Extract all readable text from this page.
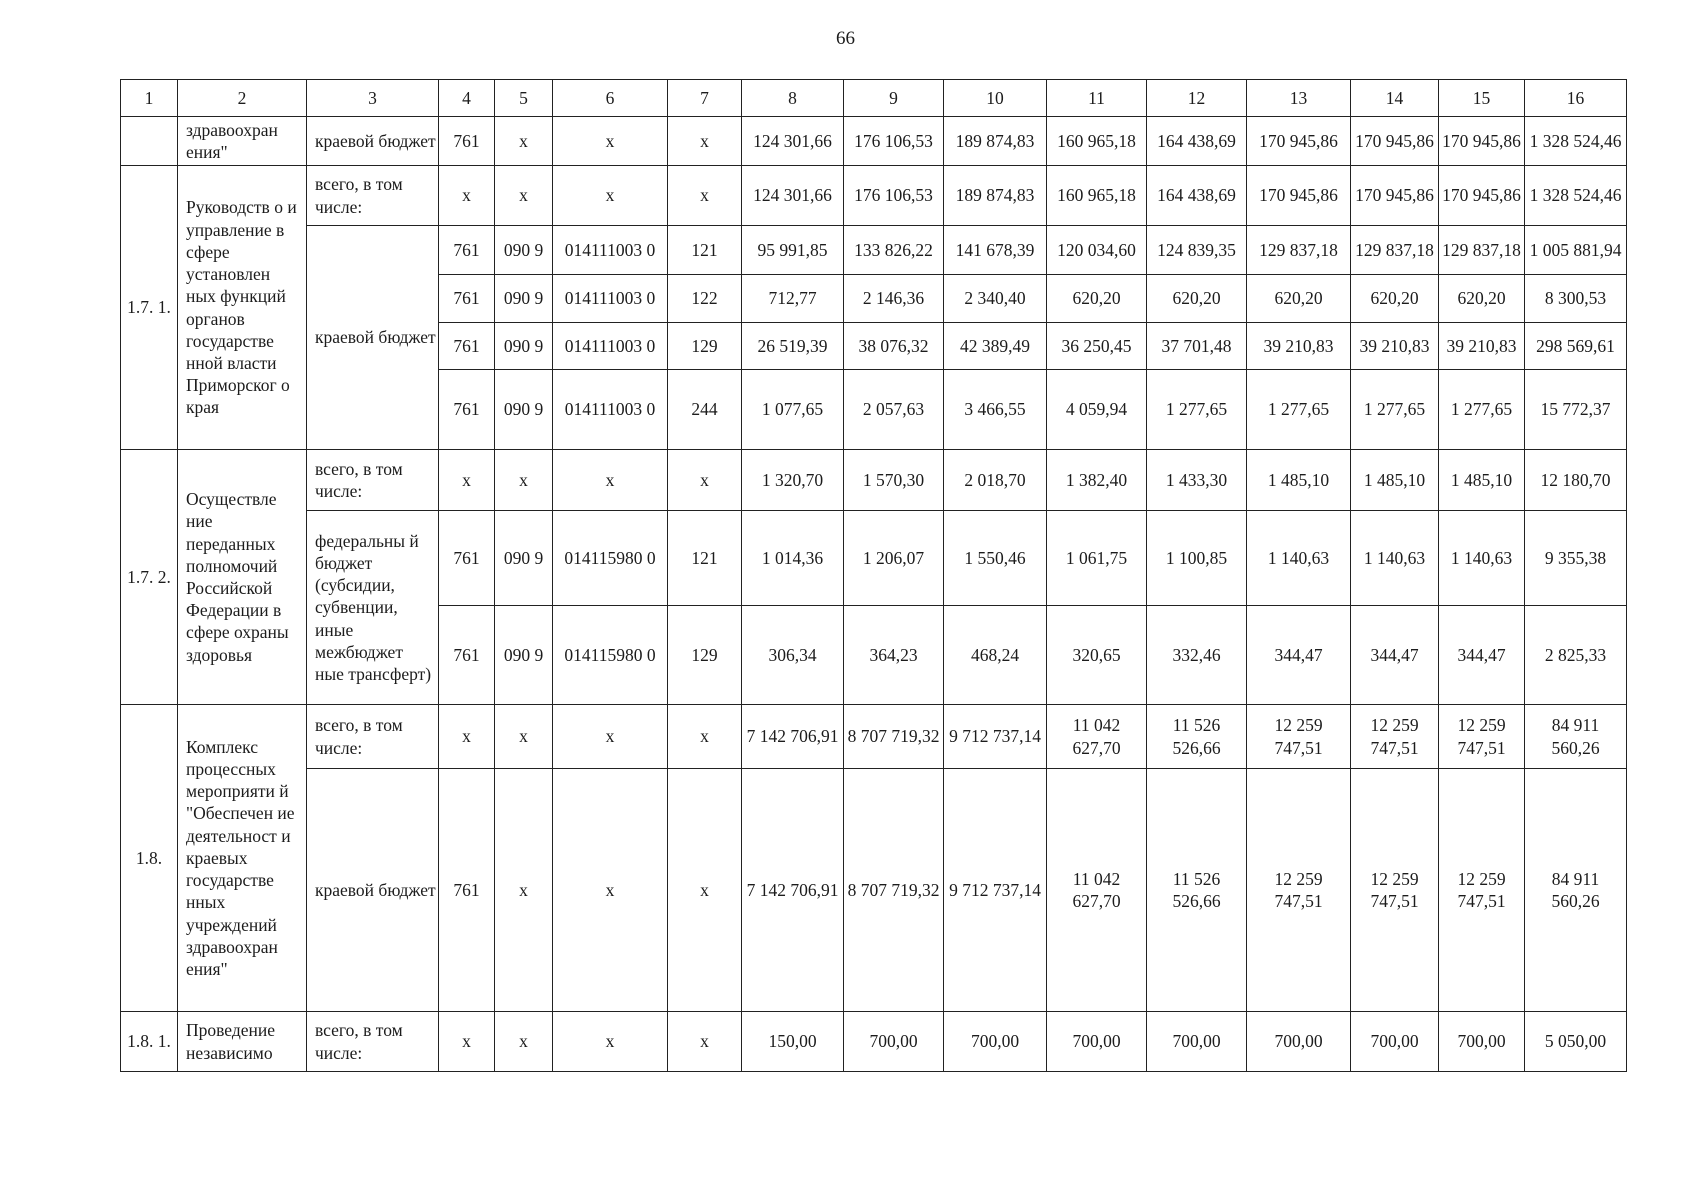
66
1	2	3	4	5	6	7	8	9	10	11	12	13	14	15	16
	здравоохран ения"	краевой бюджет	761	х	х	х	124 301,66	176 106,53	189 874,83	160 965,18	164 438,69	170 945,86	170 945,86	170 945,86	1 328 524,46
1.7. 1.	Руководств о и управление в сфере установлен ных функций органов государстве нной власти Приморског о края	всего, в том числе:	х	х	х	х	124 301,66	176 106,53	189 874,83	160 965,18	164 438,69	170 945,86	170 945,86	170 945,86	1 328 524,46
		краевой бюджет	761	090 9	014111003 0	121	95 991,85	133 826,22	141 678,39	120 034,60	124 839,35	129 837,18	129 837,18	129 837,18	1 005 881,94
			761	090 9	014111003 0	122	712,77	2 146,36	2 340,40	620,20	620,20	620,20	620,20	620,20	8 300,53
			761	090 9	014111003 0	129	26 519,39	38 076,32	42 389,49	36 250,45	37 701,48	39 210,83	39 210,83	39 210,83	298 569,61
			761	090 9	014111003 0	244	1 077,65	2 057,63	3 466,55	4 059,94	1 277,65	1 277,65	1 277,65	1 277,65	15 772,37
1.7. 2.	Осуществле ние переданных полномочий Российской Федерации в сфере охраны здоровья	всего, в том числе:	х	х	х	х	1 320,70	1 570,30	2 018,70	1 382,40	1 433,30	1 485,10	1 485,10	1 485,10	12 180,70
		федеральны й бюджет (субсидии, субвенции, иные межбюджет ные трансферт)	761	090 9	014115980 0	121	1 014,36	1 206,07	1 550,46	1 061,75	1 100,85	1 140,63	1 140,63	1 140,63	9 355,38
			761	090 9	014115980 0	129	306,34	364,23	468,24	320,65	332,46	344,47	344,47	344,47	2 825,33
1.8.	Комплекс процессных мероприяти й "Обеспечен ие деятельност и краевых государстве нных учреждений здравоохран ения"	всего, в том числе:	х	х	х	х	7 142 706,91	8 707 719,32	9 712 737,14	11 042 627,70	11 526 526,66	12 259 747,51	12 259 747,51	12 259 747,51	84 911 560,26
		краевой бюджет	761	х	х	х	7 142 706,91	8 707 719,32	9 712 737,14	11 042 627,70	11 526 526,66	12 259 747,51	12 259 747,51	12 259 747,51	84 911 560,26
1.8. 1.	Проведение независимо	всего, в том числе:	х	х	х	х	150,00	700,00	700,00	700,00	700,00	700,00	700,00	700,00	5 050,00
